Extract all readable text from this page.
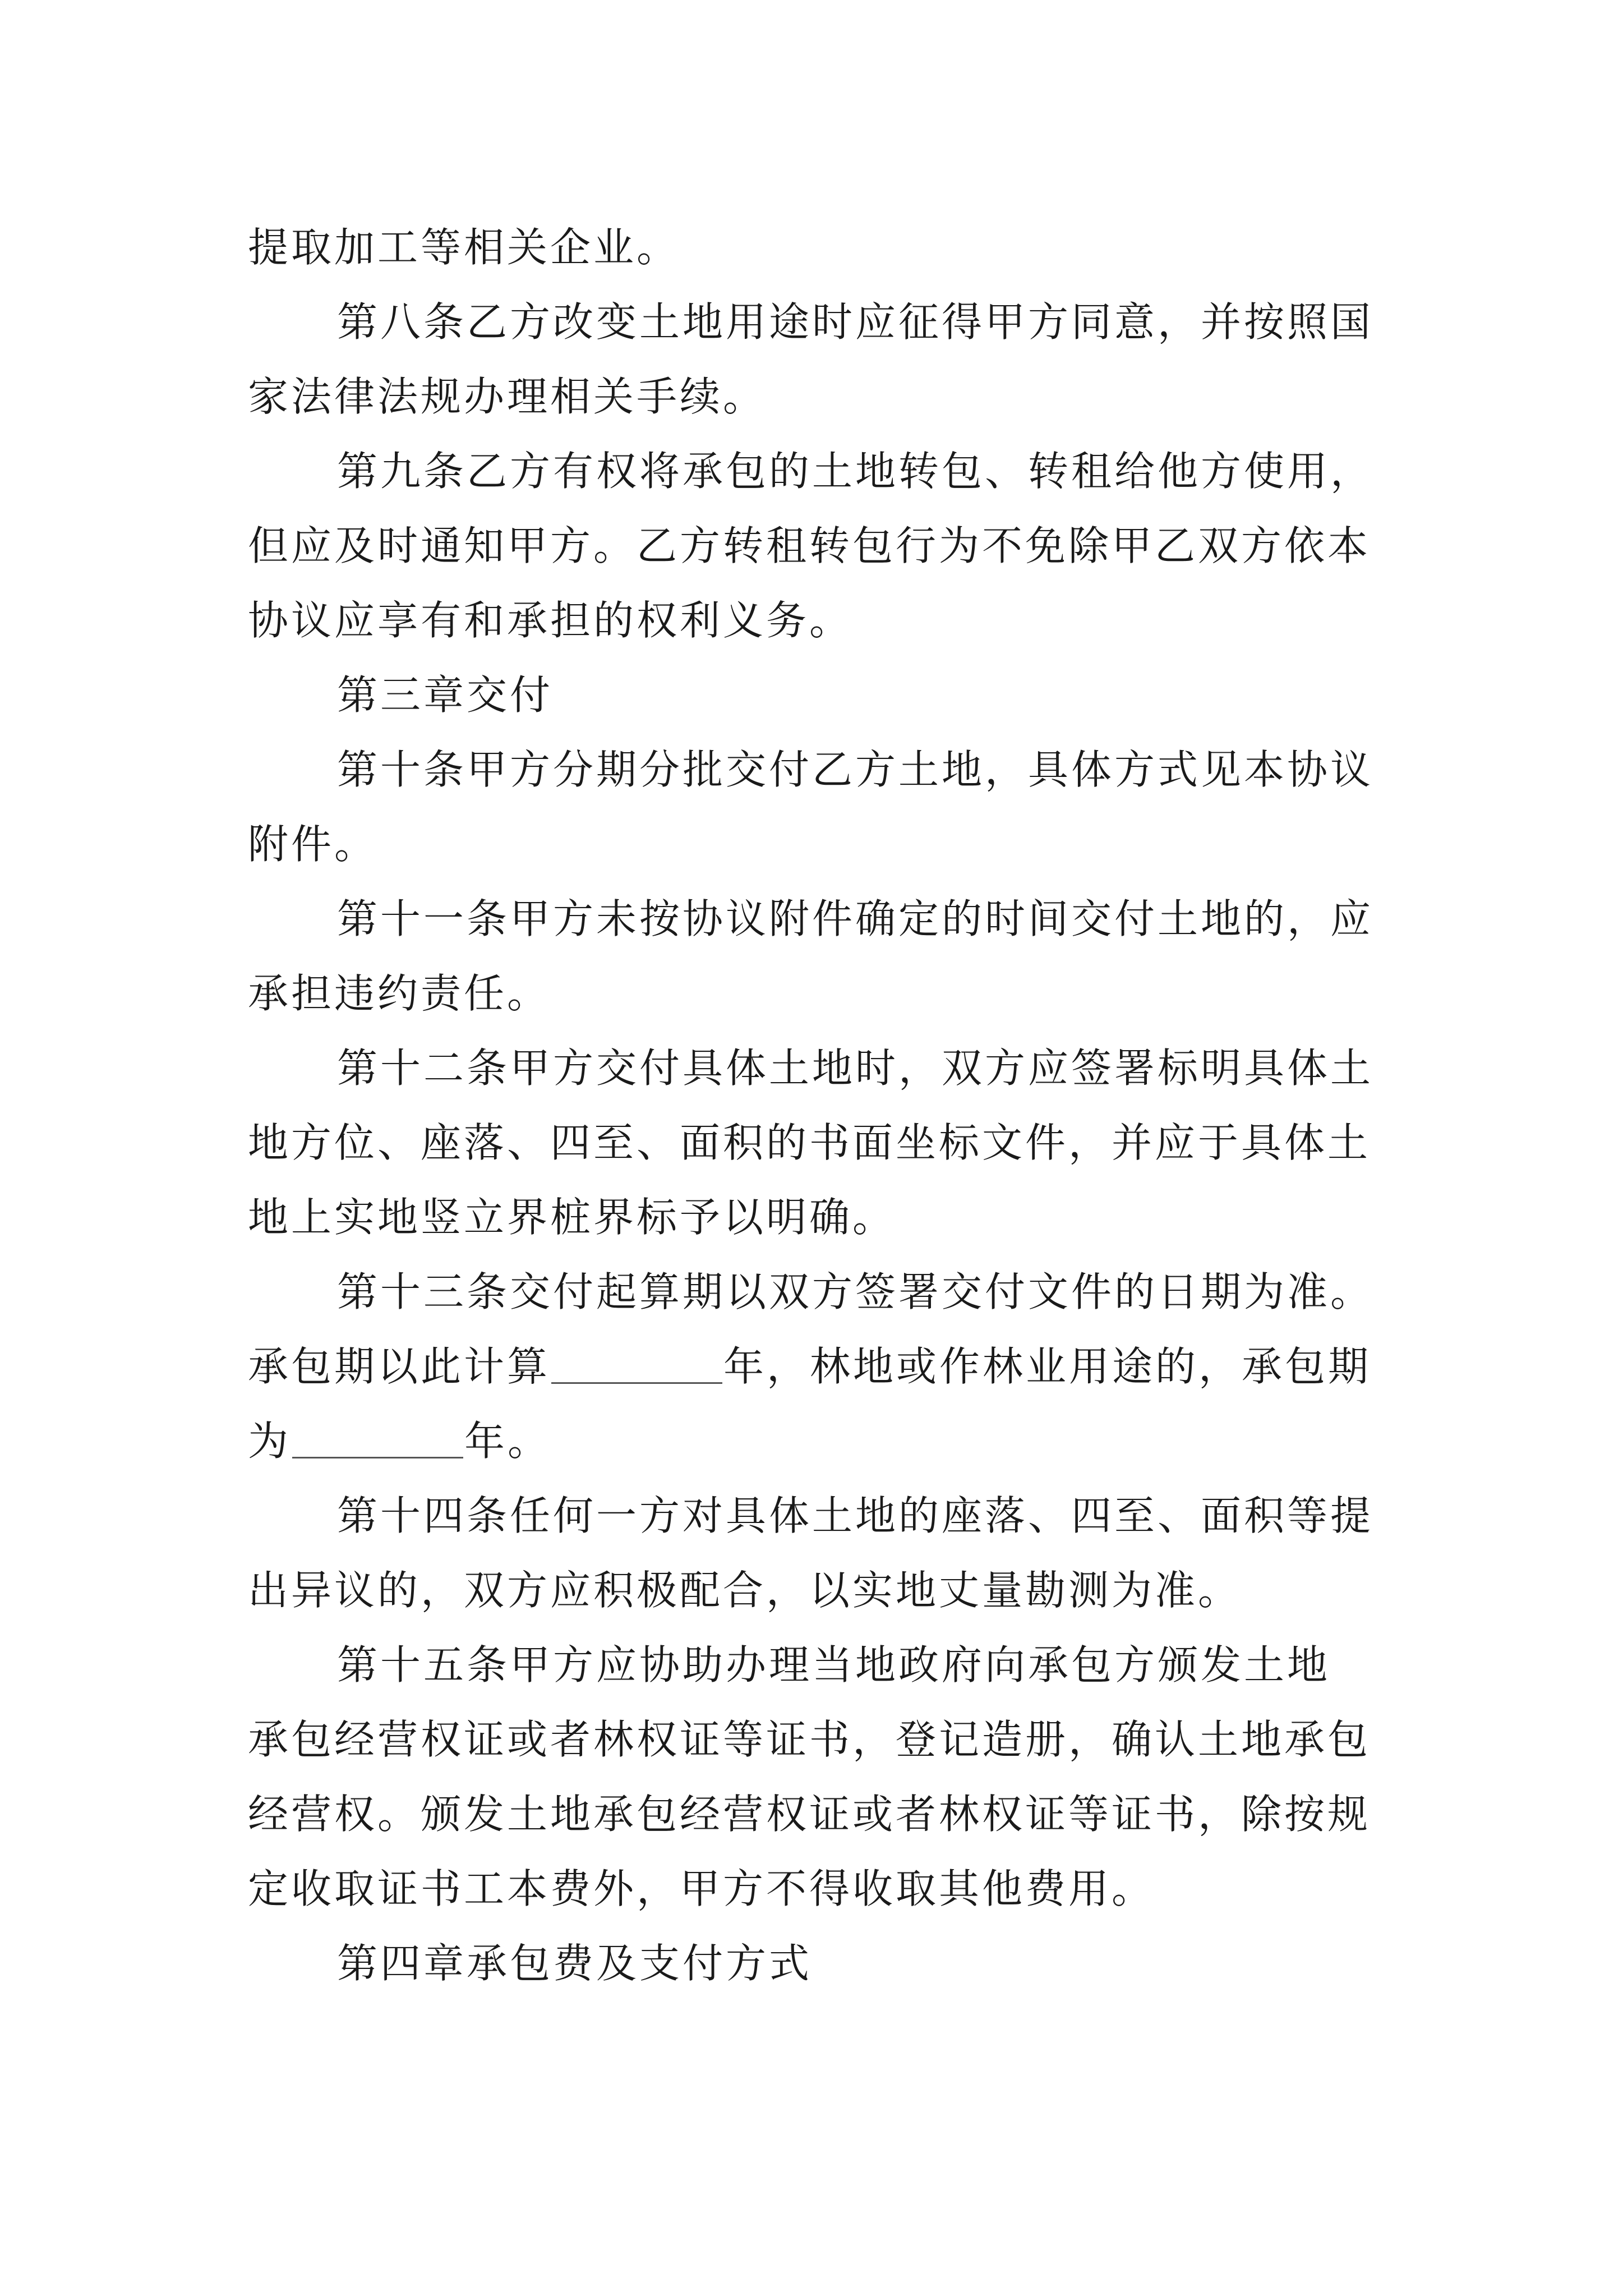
提取加工等相关企业。
第八条乙方改变土地用途时应征得甲方同意，并按照国
家法律法规办理相关手续。
第九条乙方有权将承包的土地转包、转租给他方使用，
但应及时通知甲方。乙方转租转包行为不免除甲乙双方依本
协议应享有和承担的权利义务。
第三章交付
第十条甲方分期分批交付乙方土地，具体方式见本协议
附件。
第十一条甲方未按协议附件确定的时间交付土地的，应
承担违约责任。
第十二条甲方交付具体土地时，双方应签署标明具体土
地方位、座落、四至、面积的书面坐标文件，并应于具体土
地上实地竖立界桩界标予以明确。
第十三条交付起算期以双方签署交付文件的日期为准。
承包期以此计算	年，林地或作林业用途的，承包期
为	年。
第十四条任何一方对具体土地的座落、四至、面积等提
出异议的，双方应积极配合，以实地丈量勘测为准。
第十五条甲方应协助办理当地政府向承包方颁发土地
承包经营权证或者林权证等证书，登记造册，确认土地承包
经营权。颁发土地承包经营权证或者林权证等证书，除按规
定收取证书工本费外，甲方不得收取其他费用。
第四章承包费及支付方式
